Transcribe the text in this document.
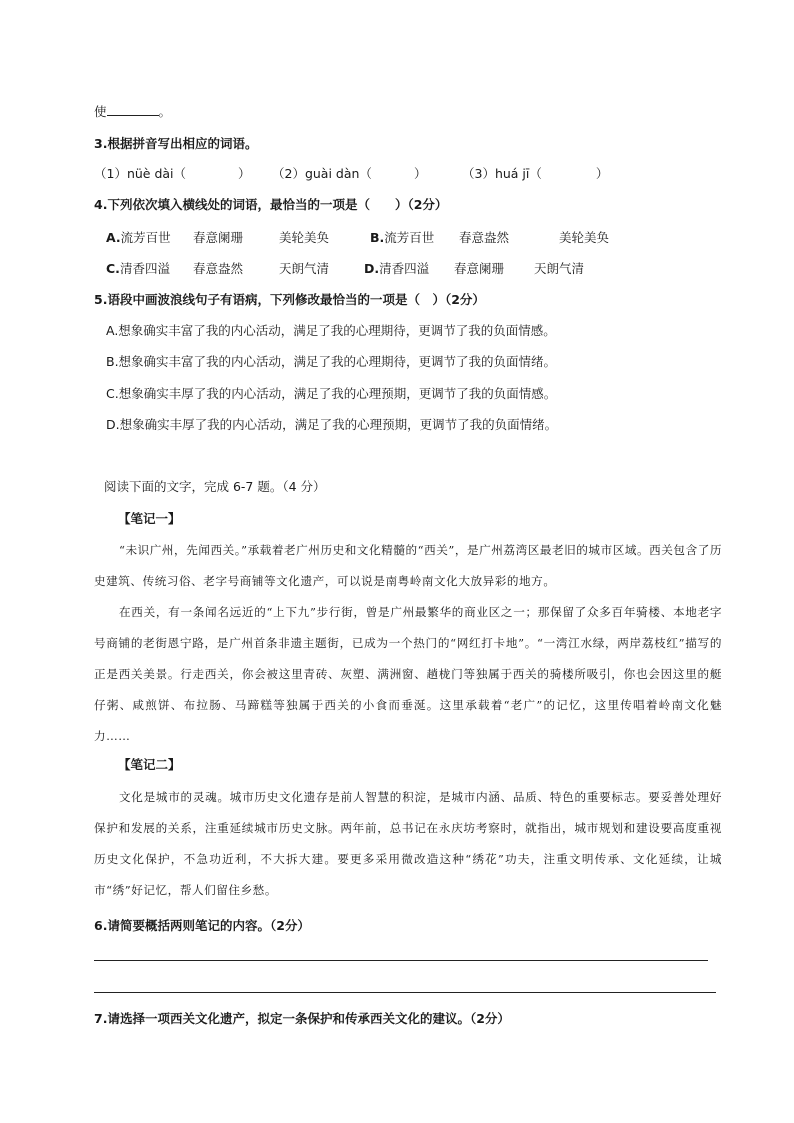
使	。
3.根据拼音写出相应的词语。
（1）nüè dài（	） （2）guài dàn（	）	（3）huá jī（	）
4.下列依次填入横线处的词语，最恰当的一项是（　　）（2分）
A.流芳百世 春意阑珊	美轮美奂	B.流芳百世 春意盎然	美轮美奂
C.清香四溢 春意盎然	天朗气清	D.清香四溢 春意阑珊 天朗气清
5.语段中画波浪线句子有语病，下列修改最恰当的一项是（　）（2分）
A.想象确实丰富了我的内心活动，满足了我的心理期待，更调节了我的负面情感。
B.想象确实丰富了我的内心活动，满足了我的心理期待，更调节了我的负面情绪。
C.想象确实丰厚了我的内心活动，满足了我的心理预期，更调节了我的负面情感。
D.想象确实丰厚了我的内心活动，满足了我的心理预期，更调节了我的负面情绪。
阅读下面的文字，完成 6-7 题。（4 分）
【笔记一】
“未识广州，先闻西关。”承载着老广州历史和文化精髓的“西关”，是广州荔湾区最老旧的城市区域。西关包含了历史建筑、传统习俗、老字号商铺等文化遗产，可以说是南粤岭南文化大放异彩的地方。
在西关，有一条闻名远近的“上下九”步行街，曾是广州最繁华的商业区之一；那保留了众多百年骑楼、本地老字号商铺的老街恩宁路，是广州首条非遗主题街，已成为一个热门的“网红打卡地”。“一湾江水绿，两岸荔枝红”描写的正是西关美景。行走西关，你会被这里青砖、灰塑、满洲窗、趟栊门等独属于西关的骑楼所吸引，你也会因这里的艇仔粥、咸煎饼、布拉肠、马蹄糕等独属于西关的小食而垂涎。这里承载着“老广”的记忆，这里传唱着岭南文化魅力……
【笔记二】
文化是城市的灵魂。城市历史文化遗存是前人智慧的积淀，是城市内涵、品质、特色的重要标志。要妥善处理好保护和发展的关系，注重延续城市历史文脉。两年前，总书记在永庆坊考察时，就指出，城市规划和建设要高度重视历史文化保护，不急功近利，不大拆大建。要更多采用微改造这种“绣花”功夫，注重文明传承、文化延续，让城市“绣”好记忆，帮人们留住乡愁。
6.请简要概括两则笔记的内容。（2分）
7.请选择一项西关文化遗产，拟定一条保护和传承西关文化的建议。（2分）
